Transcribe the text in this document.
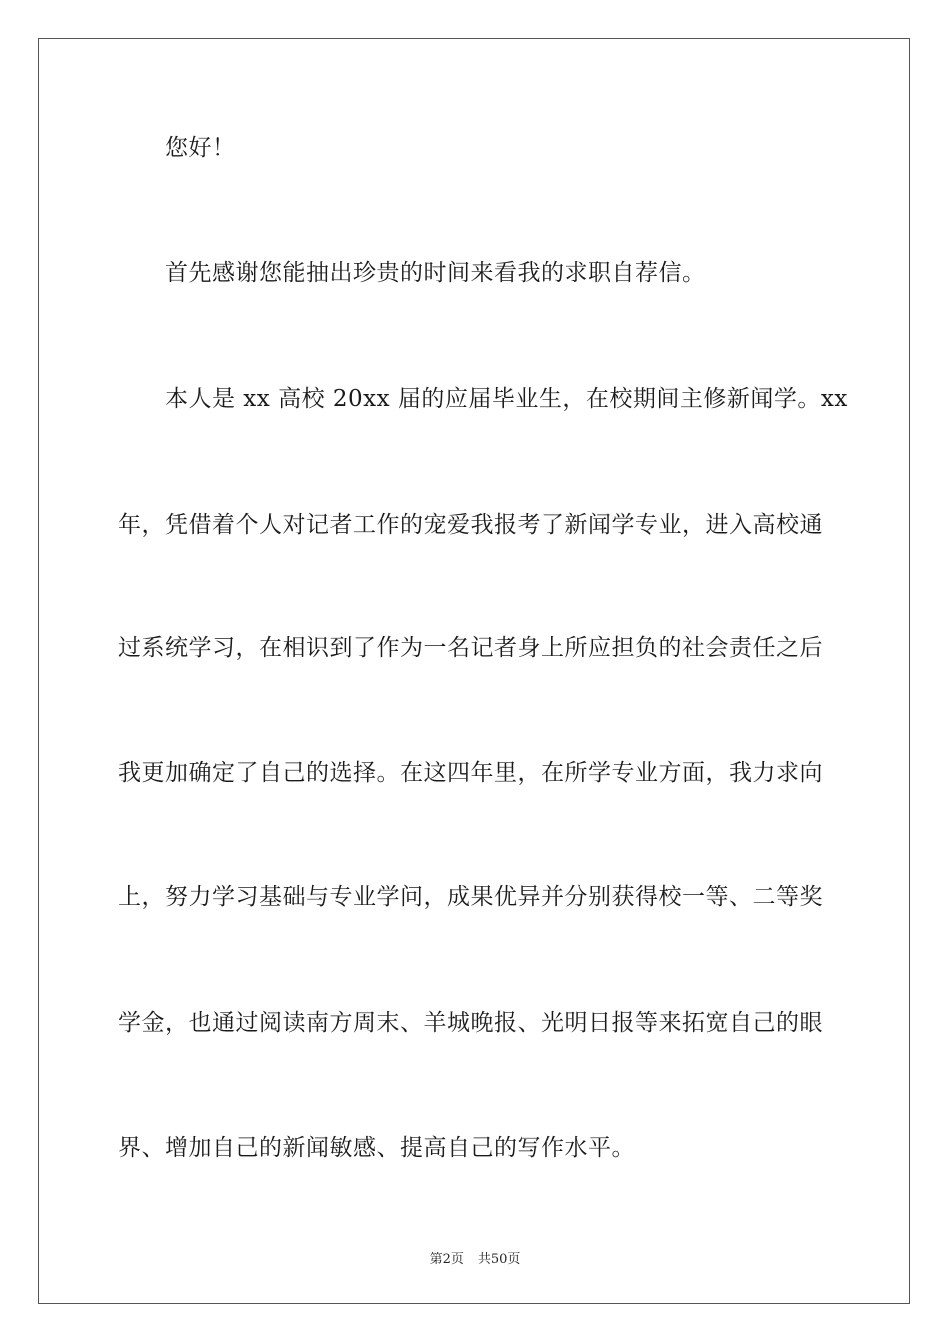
您好！
首先感谢您能抽出珍贵的时间来看我的求职自荐信。
本人是 xx 高校 20xx 届的应届毕业生，在校期间主修新闻学。xx
年，凭借着个人对记者工作的宠爱我报考了新闻学专业，进入高校通
过系统学习，在相识到了作为一名记者身上所应担负的社会责任之后
我更加确定了自己的选择。在这四年里，在所学专业方面，我力求向
上，努力学习基础与专业学问，成果优异并分别获得校一等、二等奖
学金，也通过阅读南方周末、羊城晚报、光明日报等来拓宽自己的眼
界、增加自己的新闻敏感、提高自己的写作水平。
第2页 共50页
